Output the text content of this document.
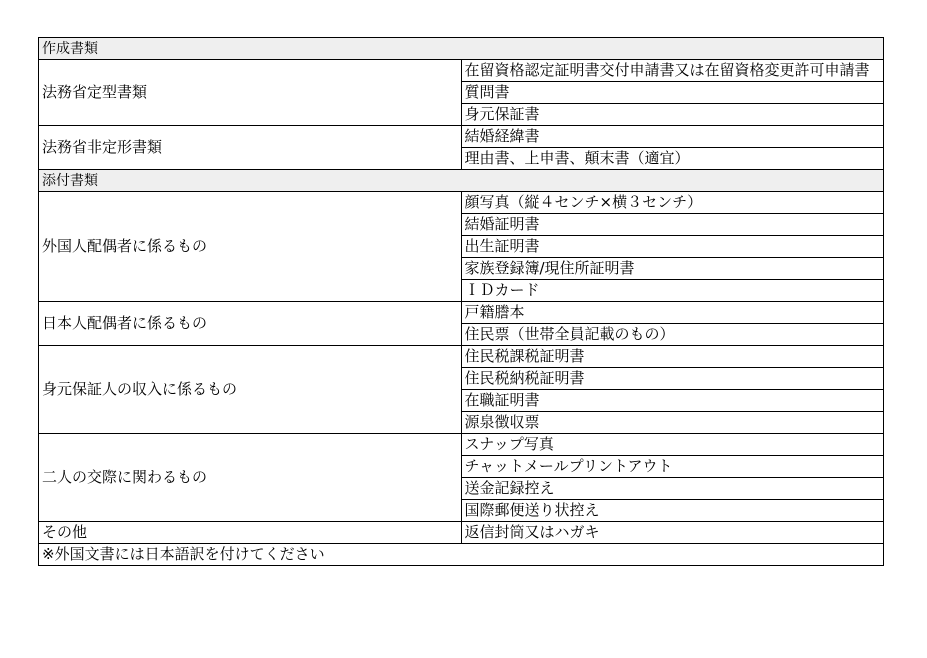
作成書類	
法務省定型書類	在留資格認定証明書交付申請書又は在留資格変更許可申請書
	質問書
	身元保証書
法務省非定形書類	結婚経緯書
	理由書、上申書、顛末書（適宜）
添付書類	
外国人配偶者に係るもの	顔写真（縦４センチ×横３センチ）
	結婚証明書
	出生証明書
	家族登録簿/現住所証明書
	ＩＤカード
日本人配偶者に係るもの	戸籍謄本
	住民票（世帯全員記載のもの）
身元保証人の収入に係るもの	住民税課税証明書
	住民税納税証明書
	在職証明書
	源泉徴収票
二人の交際に関わるもの	スナップ写真
	チャットメールプリントアウト
	送金記録控え
	国際郵便送り状控え
その他	返信封筒又はハガキ
※外国文書には日本語訳を付けてください	
